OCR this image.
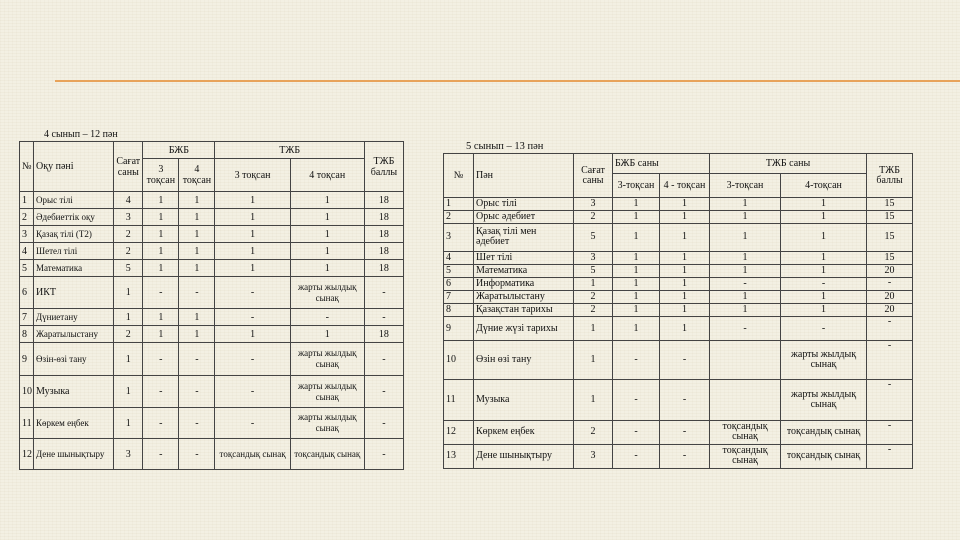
4 сынып – 12 пән
№	Оқу пәні	Сағат саны	БЖБ		ТЖБ		ТЖБ баллы
			3 тоқсан	4 тоқсан	3 тоқсан	4 тоқсан	
1	Орыс тілі	4	1	1	1	1	18
2	Әдебиеттік оқу	3	1	1	1	1	18
3	Қазақ тілі (Т2)	2	1	1	1	1	18
4	Шетел тілі	2	1	1	1	1	18
5	Математика	5	1	1	1	1	18
6	ИКТ	1	-	-	-	жарты жылдық сынақ	-
7	Дүниетану	1	1	1	-	-	-
8	Жаратылыстану	2	1	1	1	1	18
9	Өзін-өзі тану	1	-	-	-	жарты жылдық сынақ	-
10	Музыка	1	-	-	-	жарты жылдық сынақ	-
11	Көркем еңбек	1	-	-	-	жарты жылдық сынақ	-
12	Дене шынықтыру	3	-	-	тоқсандық сынақ	тоқсандық сынақ	-
5 сынып – 13 пән
№	Пән	Сағат саны	БЖБ саны		ТЖБ саны		ТЖБ баллы
			3-тоқсан	4 - тоқсан	3-тоқсан	4-тоқсан	
1	Орыс тілі	3	1	1	1	1	15
2	Орыс әдебиет	2	1	1	1	1	15
3	Қазақ тілі мен әдебиет	5	1	1	1	1	15
4	Шет тілі	3	1	1	1	1	15
5	Математика	5	1	1	1	1	20
6	Информатика	1	1	1	-	-	-
7	Жаратылыстану	2	1	1	1	1	20
8	Қазақстан тарихы	2	1	1	1	1	20
9	Дүние жүзі тарихы	1	1	1	-	-	-
10	Өзін өзі тану	1	-	-		жарты жылдық сынақ	-
11	Музыка	1	-	-		жарты жылдық сынақ	-
12	Көркем еңбек	2	-	-	тоқсандық сынақ	тоқсандық сынақ	-
13	Дене шынықтыру	3	-	-	тоқсандық сынақ	тоқсандық сынақ	-
